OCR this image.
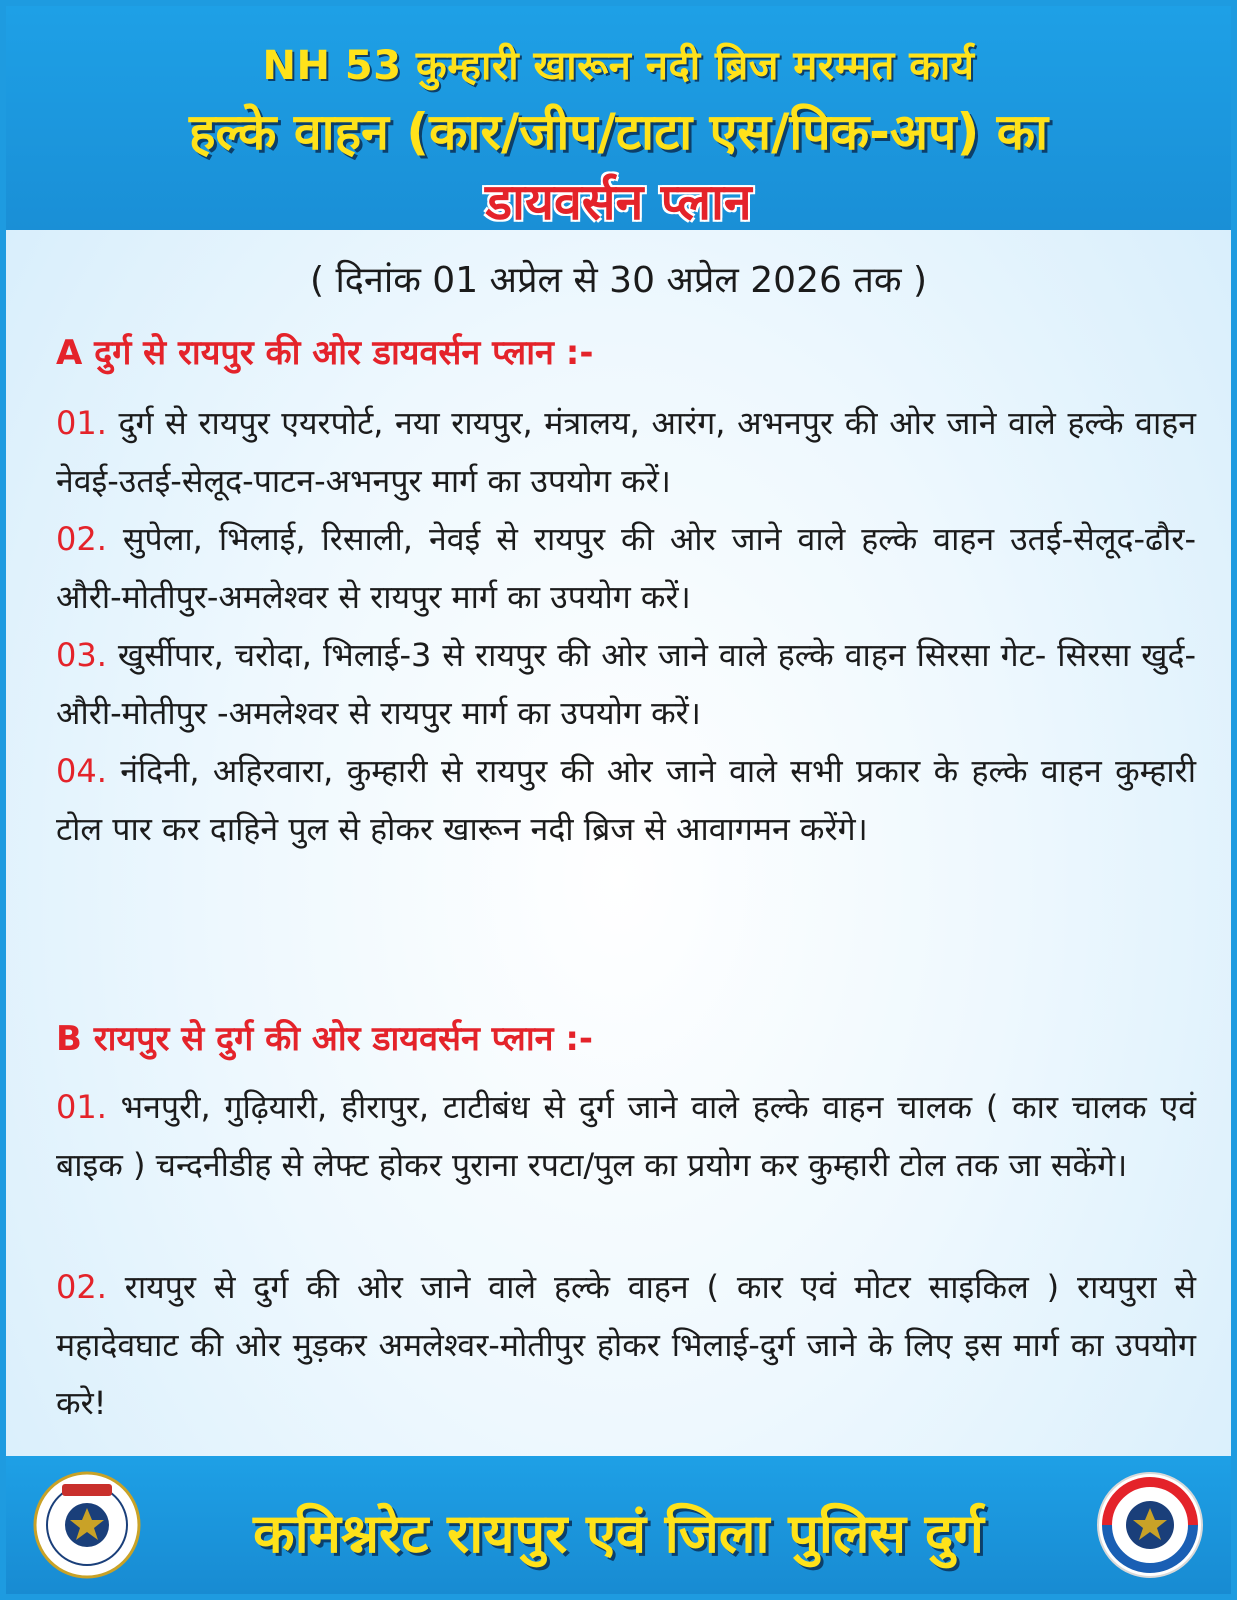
NH 53 कुम्हारी खारून नदी ब्रिज मरम्मत कार्य
हल्के वाहन (कार/जीप/टाटा एस/पिक-अप) का
डायवर्सन प्लान
( दिनांक 01 अप्रेल से 30 अप्रेल 2026 तक )
A दुर्ग से रायपुर की ओर डायवर्सन प्लान :-
01. दुर्ग से रायपुर एयरपोर्ट, नया रायपुर, मंत्रालय, आरंग, अभनपुर की ओर जाने वाले हल्के वाहन नेवई-उतई-सेलूद-पाटन-अभनपुर मार्ग का उपयोग करें।
02. सुपेला, भिलाई, रिसाली, नेवई से रायपुर की ओर जाने वाले हल्के वाहन उतई-सेलूद-ढौर- औरी-मोतीपुर-अमलेश्वर से रायपुर मार्ग का उपयोग करें।
03. खुर्सीपार, चरोदा, भिलाई-3 से रायपुर की ओर जाने वाले हल्के वाहन सिरसा गेट- सिरसा खुर्द-औरी-मोतीपुर -अमलेश्वर से रायपुर मार्ग का उपयोग करें।
04. नंदिनी, अहिरवारा, कुम्हारी से रायपुर की ओर जाने वाले सभी प्रकार के हल्के वाहन कुम्हारी टोल पार कर दाहिने पुल से होकर खारून नदी ब्रिज से आवागमन करेंगे।
B रायपुर से दुर्ग की ओर डायवर्सन प्लान :-
01. भनपुरी, गुढ़ियारी, हीरापुर, टाटीबंध से दुर्ग जाने वाले हल्के वाहन चालक ( कार चालक एवं बाइक ) चन्दनीडीह से लेफ्ट होकर पुराना रपटा/पुल का प्रयोग कर कुम्हारी टोल तक जा सकेंगे।
02. रायपुर से दुर्ग की ओर जाने वाले हल्के वाहन ( कार एवं मोटर साइकिल ) रायपुरा से महादेवघाट की ओर मुड़कर अमलेश्वर-मोतीपुर होकर भिलाई-दुर्ग जाने के लिए इस मार्ग का उपयोग करे!
कमिश्नरेट रायपुर एवं जिला पुलिस दुर्ग
